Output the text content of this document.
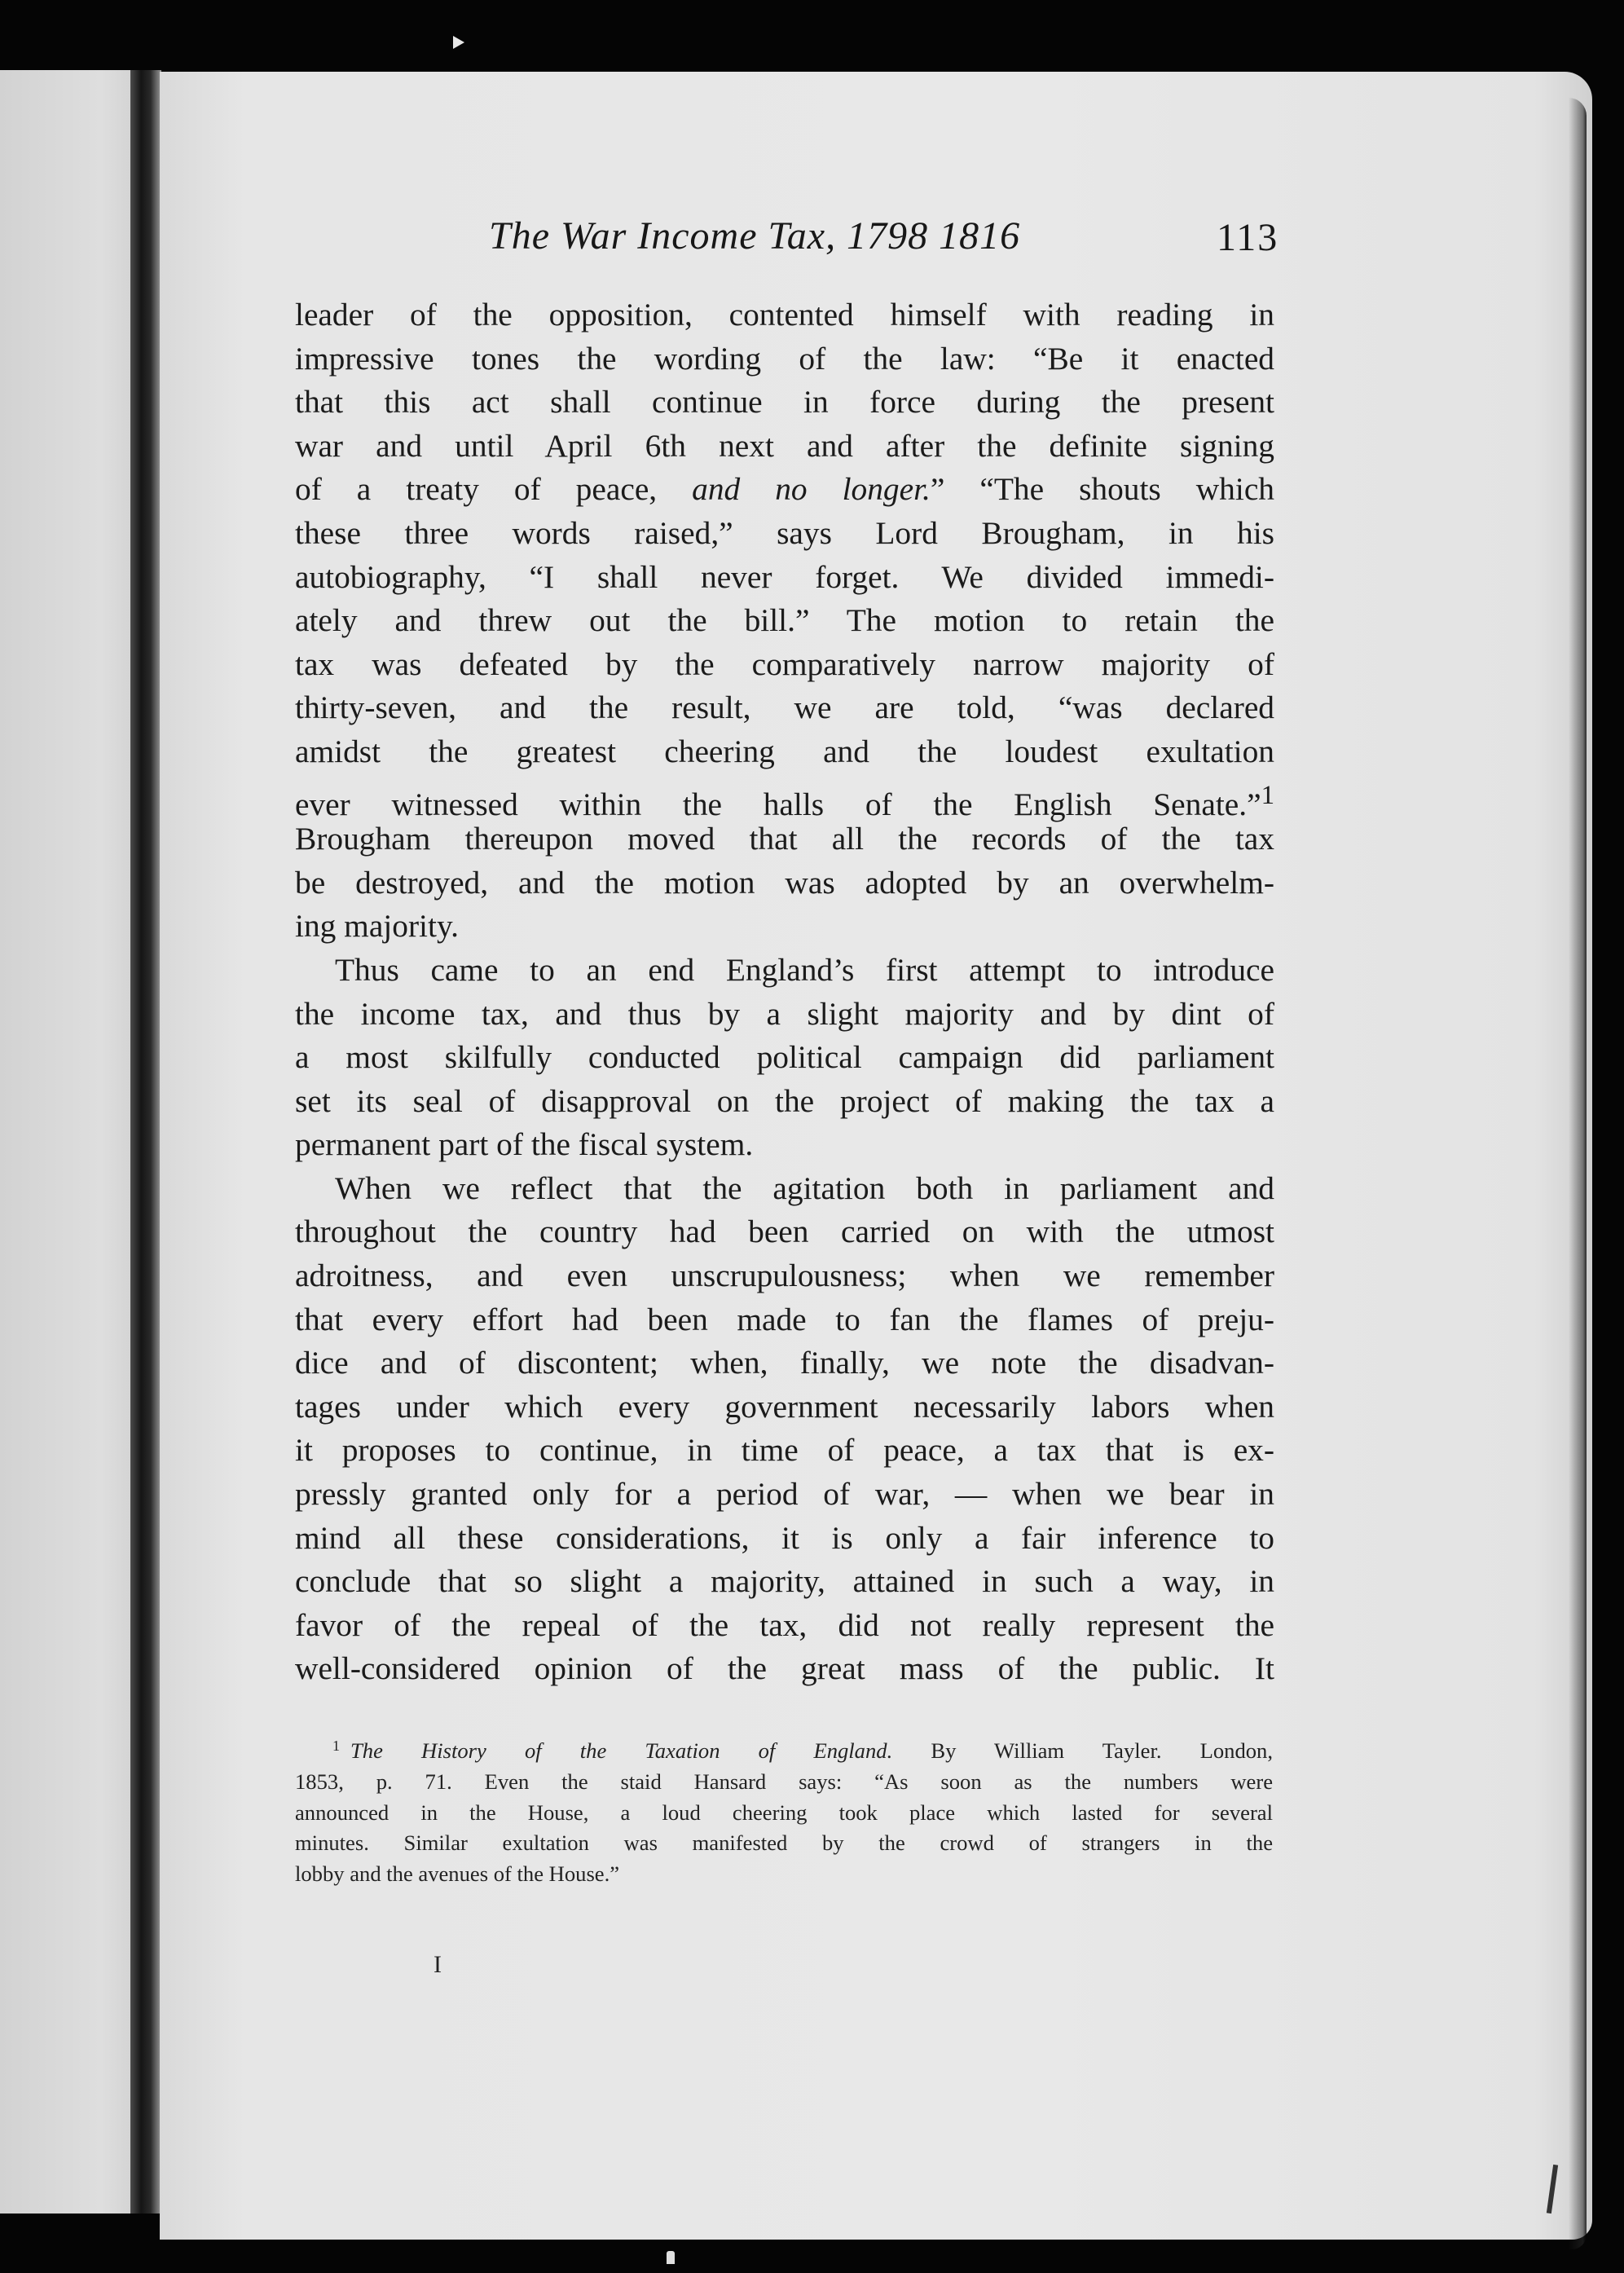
The War Income Tax, 1798 1816	113
leader of the opposition, contented himself with reading in
impressive tones the wording of the law: “Be it enacted
that this act shall continue in force during the present
war and until April 6th next and after the definite signing
of a treaty of peace, and no longer.” “The shouts which
these three words raised,” says Lord Brougham, in his
autobiography, “I shall never forget. We divided immedi-
ately and threw out the bill.” The motion to retain the
tax was defeated by the comparatively narrow majority of
thirty-seven, and the result, we are told, “was declared
amidst the greatest cheering and the loudest exultation
ever witnessed within the halls of the English Senate.”$^1$
Brougham thereupon moved that all the records of the tax
be destroyed, and the motion was adopted by an overwhelm-
ing majority.
Thus came to an end England’s first attempt to introduce
the income tax, and thus by a slight majority and by dint of
a most skilfully conducted political campaign did parliament
set its seal of disapproval on the project of making the tax a
permanent part of the fiscal system.
When we reflect that the agitation both in parliament and
throughout the country had been carried on with the utmost
adroitness, and even unscrupulousness; when we remember
that every effort had been made to fan the flames of preju-
dice and of discontent; when, finally, we note the disadvan-
tages under which every government necessarily labors when
it proposes to continue, in time of peace, a tax that is ex-
pressly granted only for a period of war, — when we bear in
mind all these considerations, it is only a fair inference to
conclude that so slight a majority, attained in such a way, in
favor of the repeal of the tax, did not really represent the
well-considered opinion of the great mass of the public. It
1 The History of the Taxation of England. By William Tayler. London,
1853, p. 71. Even the staid Hansard says: “As soon as the numbers were
announced in the House, a loud cheering took place which lasted for several
minutes. Similar exultation was manifested by the crowd of strangers in the
lobby and the avenues of the House.”
I
